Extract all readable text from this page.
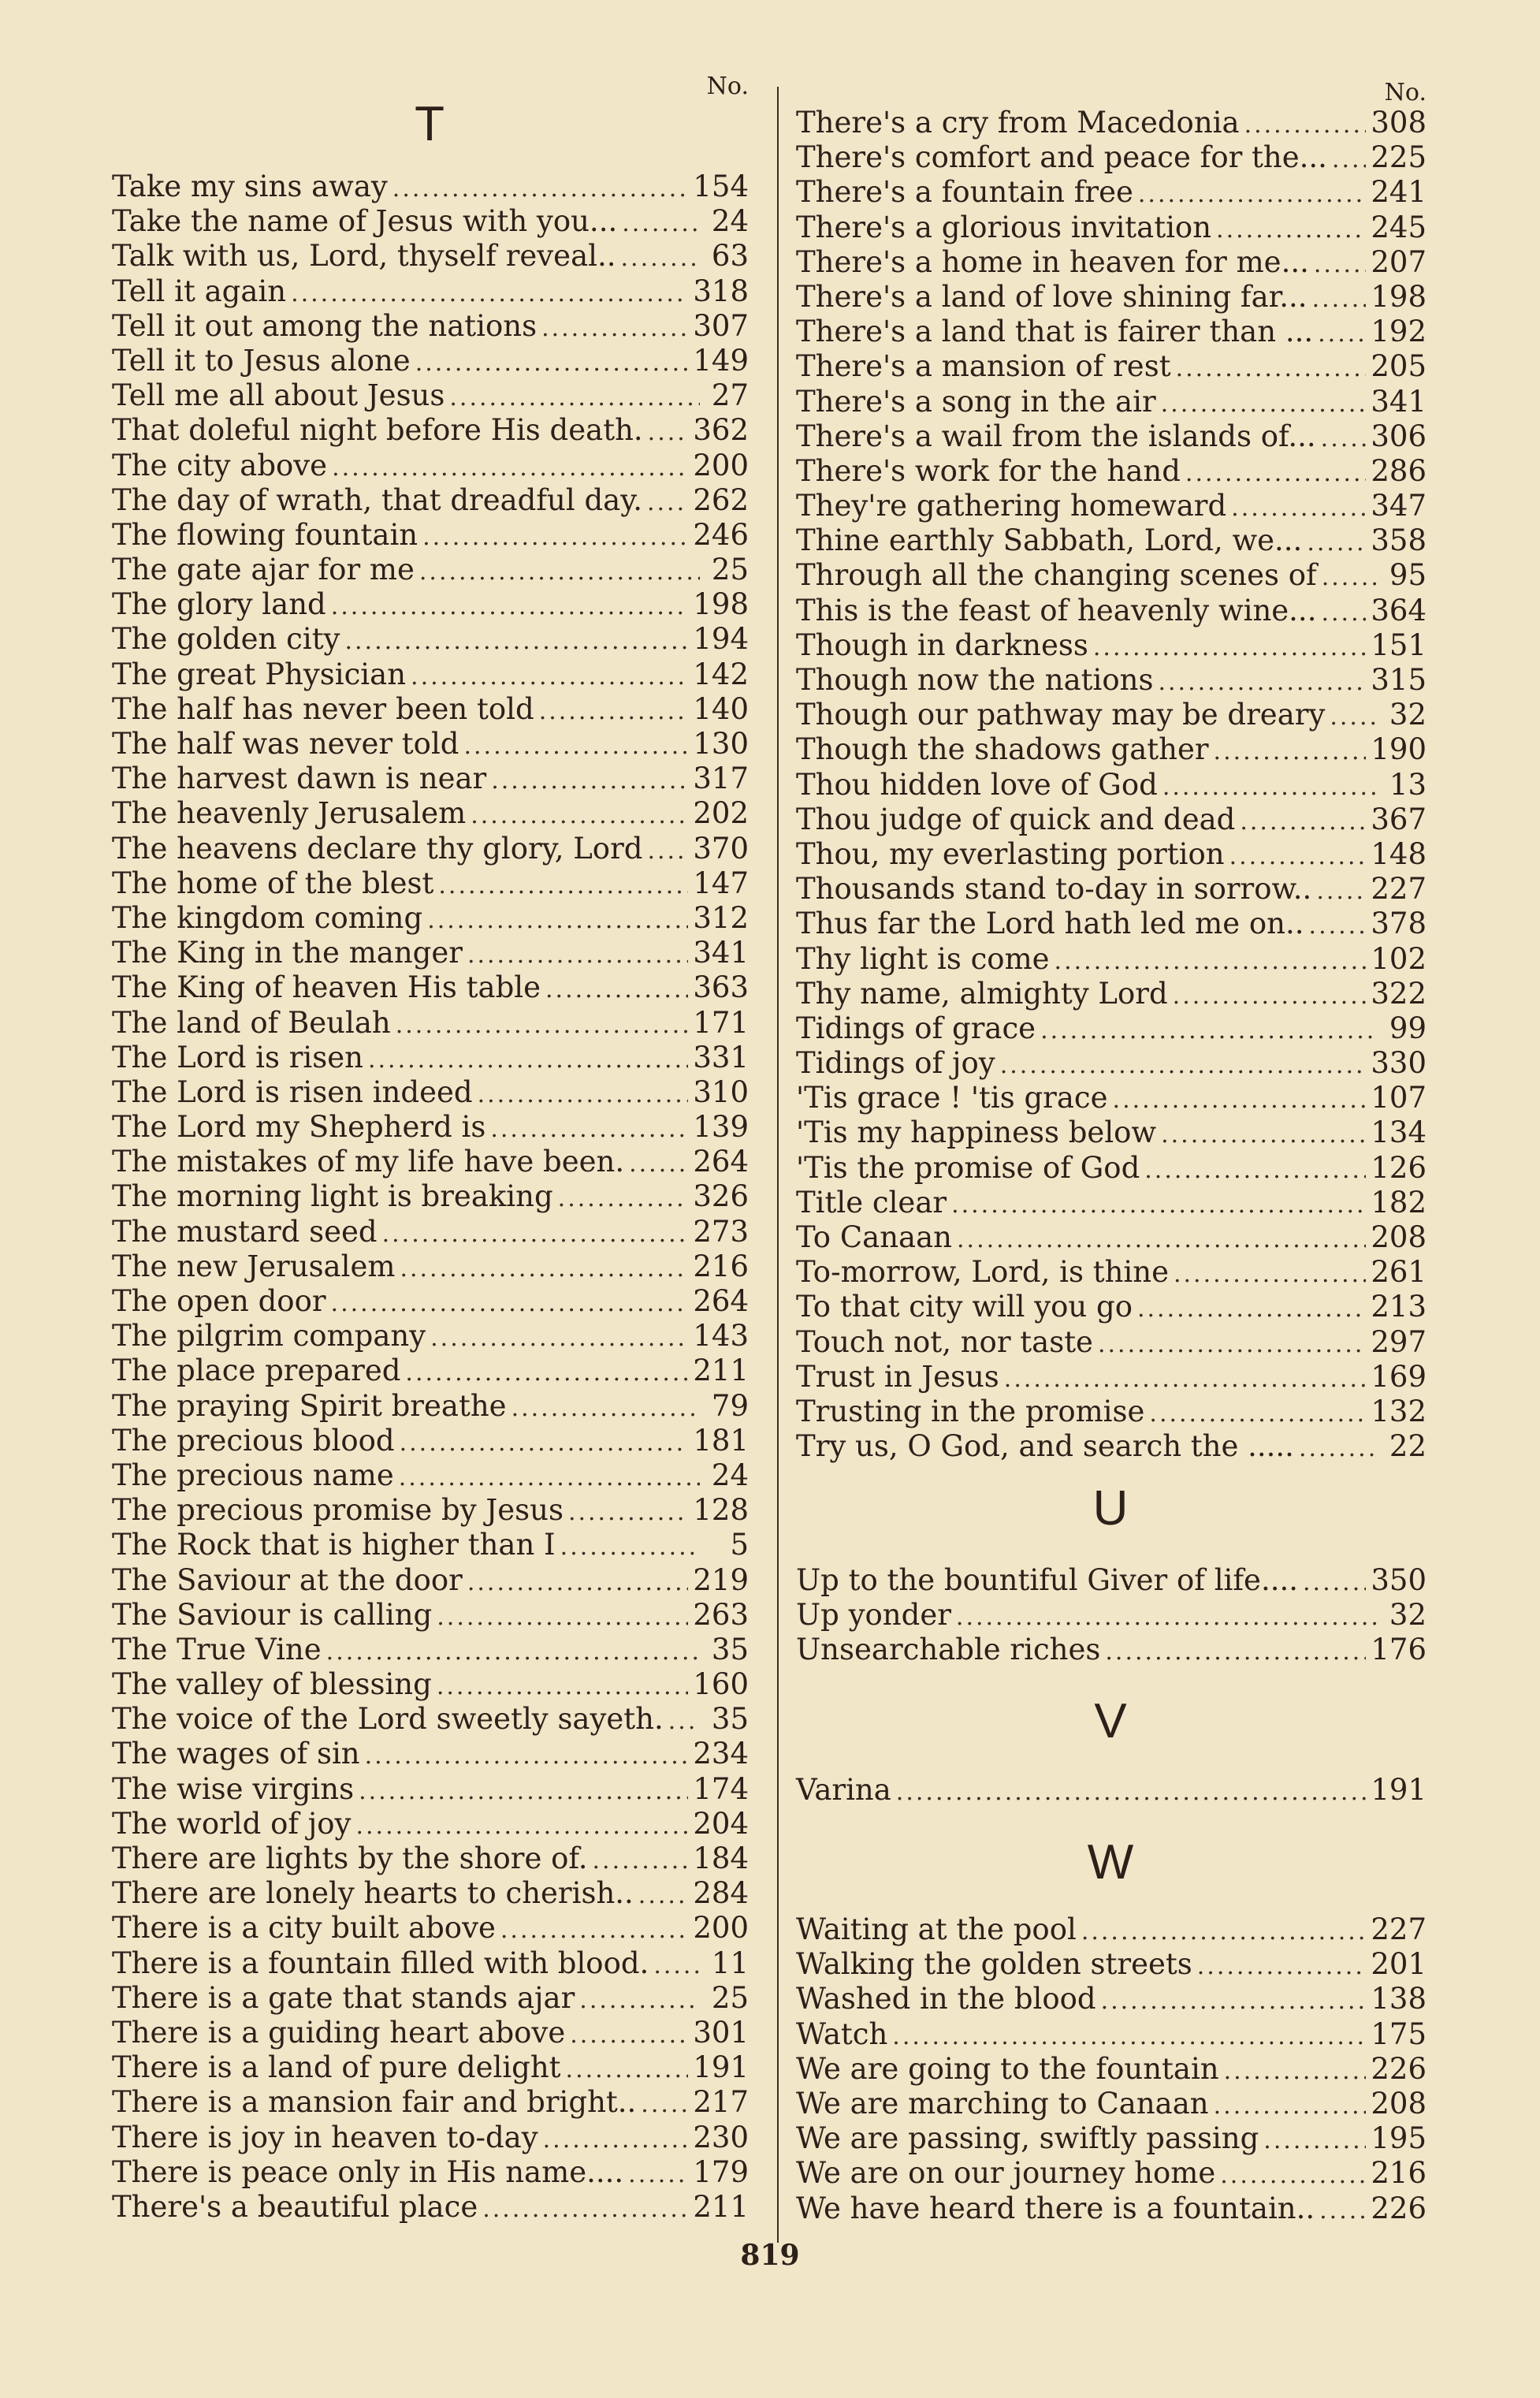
No.
T
Take my sins away .....	154
Take the name of Jesus with you... .....	24
Talk with us, Lord, thyself reveal.. .....	63
Tell it again .....	318
Tell it out among the nations .....	307
Tell it to Jesus alone .....	149
Tell me all about Jesus .....	27
That doleful night before His death. ..... 362
The city above .....	200
The day of wrath, that dreadful day. ..... 262
The flowing fountain .....	246
The gate ajar for me .....	25
The glory land .....	198
The golden city .....	194
The great Physician .....	142
The half has never been told .....	140
The half was never told .....	130
The harvest dawn is near .....	317
The heavenly Jerusalem .....	202
The heavens declare thy glory, Lord ..... 370
The home of the blest .....	147
The kingdom coming .....	312
The King in the manger .....	341
The King of heaven His table .....	363
The land of Beulah .....	171
The Lord is risen .....	331
The Lord is risen indeed .....	310
The Lord my Shepherd is .....	139
The mistakes of my life have been. ..... 264
The morning light is breaking .....	326
The mustard seed .....	273
The new Jerusalem .....	216
The open door .....	264
The pilgrim company .....	143
The place prepared .....	211
The praying Spirit breathe .....	79
The precious blood .....	181
The precious name .....	24
The precious promise by Jesus .....	128
The Rock that is higher than I .....	5
The Saviour at the door .....	219
The Saviour is calling .....	263
The True Vine .....	35
The valley of blessing .....	160
The voice of the Lord sweetly sayeth. ..... 35
The wages of sin .....	234
The wise virgins .....	174
The world of joy .....	204
There are lights by the shore of. .....	184
There are lonely hearts to cherish.. ..... 284
There is a city built above .....	200
There is a fountain filled with blood. ..... 11
There is a gate that stands ajar .....	25
There is a guiding heart above .....	301
There is a land of pure delight .....	191
There is a mansion fair and bright.. ..... 217
There is joy in heaven to-day .....	230
There is peace only in His name.... ..... 179
There's a beautiful place .....	211
No.
There's a cry from Macedonia .....	308
There's comfort and peace for the... ..... 225
There's a fountain free .....	241
There's a glorious invitation .....	245
There's a home in heaven for me... ..... 207
There's a land of love shining far... ..... 198
There's a land that is fairer than ... ..... 192
There's a mansion of rest .....	205
There's a song in the air .....	341
There's a wail from the islands of... ..... 306
There's work for the hand .....	286
They're gathering homeward .....	347
Thine earthly Sabbath, Lord, we... ..... 358
Through all the changing scenes of ..... 95
This is the feast of heavenly wine... ..... 364
Though in darkness .....	151
Though now the nations .....	315
Though our pathway may be dreary ..... 32
Though the shadows gather .....	190
Thou hidden love of God .....	13
Thou judge of quick and dead .....	367
Thou, my everlasting portion .....	148
Thousands stand to-day in sorrow.. ..... 227
Thus far the Lord hath led me on.. ..... 378
Thy light is come .....	102
Thy name, almighty Lord .....	322
Tidings of grace .....	99
Tidings of joy .....	330
'Tis grace ! 'tis grace .....	107
'Tis my happiness below .....	134
'Tis the promise of God .....	126
Title clear .....	182
To Canaan .....	208
To-morrow, Lord, is thine .....	261
To that city will you go .....	213
Touch not, nor taste .....	297
Trust in Jesus .....	169
Trusting in the promise .....	132
Try us, O God, and search the ..... .....	22
U
Up to the bountiful Giver of life.... ..... 350
Up yonder .....	32
Unsearchable riches .....	176
V
Varina .....	191
W
Waiting at the pool .....	227
Walking the golden streets .....	201
Washed in the blood .....	138
Watch .....	175
We are going to the fountain .....	226
We are marching to Canaan .....	208
We are passing, swiftly passing .....	195
We are on our journey home .....	216
We have heard there is a fountain.. ..... 226
819
